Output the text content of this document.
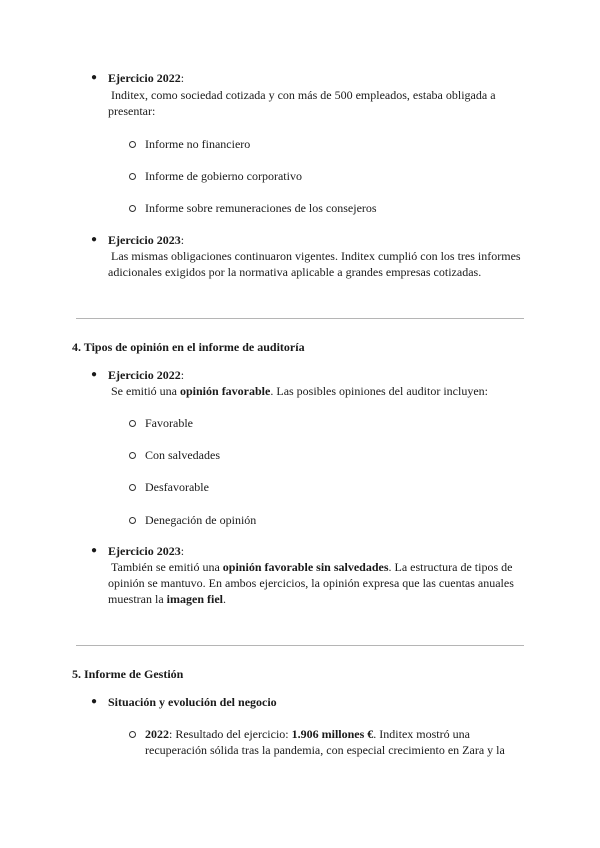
● Ejercicio 2022:
Inditex, como sociedad cotizada y con más de 500 empleados, estaba obligada a
presentar:
Informe no financiero
Informe de gobierno corporativo
Informe sobre remuneraciones de los consejeros
● Ejercicio 2023:
Las mismas obligaciones continuaron vigentes. Inditex cumplió con los tres informes
adicionales exigidos por la normativa aplicable a grandes empresas cotizadas.
4. Tipos de opinión en el informe de auditoría
● Ejercicio 2022:
Se emitió una opinión favorable. Las posibles opiniones del auditor incluyen:
Favorable
Con salvedades
Desfavorable
Denegación de opinión
● Ejercicio 2023:
También se emitió una opinión favorable sin salvedades. La estructura de tipos de
opinión se mantuvo. En ambos ejercicios, la opinión expresa que las cuentas anuales
muestran la imagen fiel.
5. Informe de Gestión
● Situación y evolución del negocio
2022: Resultado del ejercicio: 1.906 millones €. Inditex mostró una
recuperación sólida tras la pandemia, con especial crecimiento en Zara y la
